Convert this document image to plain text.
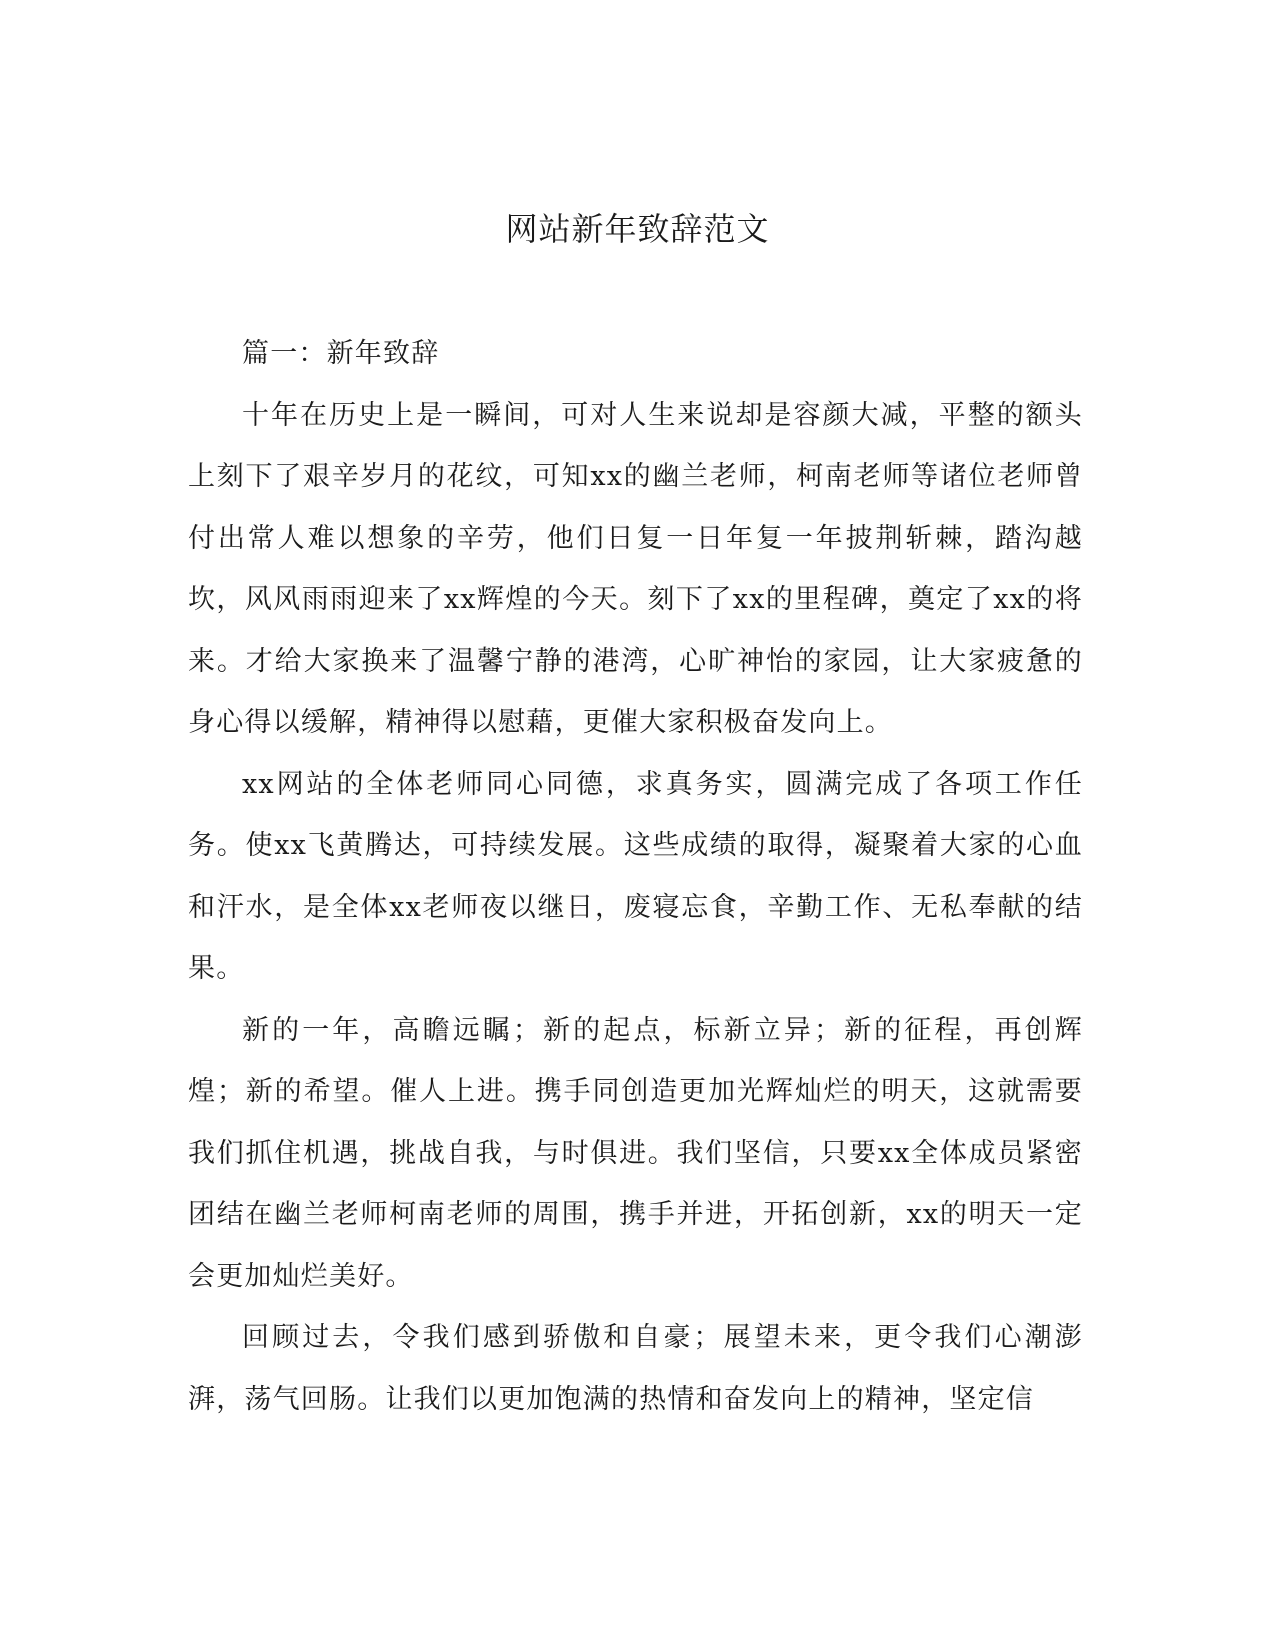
网站新年致辞范文

篇一：新年致辞

十年在历史上是一瞬间，可对人生来说却是容颜大减，平整的额头上刻下了艰辛岁月的花纹，可知xx的幽兰老师，柯南老师等诸位老师曾付出常人难以想象的辛劳，他们日复一日年复一年披荆斩棘，踏沟越坎，风风雨雨迎来了xx辉煌的今天。刻下了xx的里程碑，奠定了xx的将来。才给大家换来了温馨宁静的港湾，心旷神怡的家园，让大家疲惫的身心得以缓解，精神得以慰藉，更催大家积极奋发向上。

xx网站的全体老师同心同德，求真务实，圆满完成了各项工作任务。使xx飞黄腾达，可持续发展。这些成绩的取得，凝聚着大家的心血和汗水，是全体xx老师夜以继日，废寝忘食，辛勤工作、无私奉献的结果。

新的一年，高瞻远瞩；新的起点，标新立异；新的征程，再创辉煌；新的希望。催人上进。携手同创造更加光辉灿烂的明天，这就需要我们抓住机遇，挑战自我，与时俱进。我们坚信，只要xx全体成员紧密团结在幽兰老师柯南老师的周围，携手并进，开拓创新，xx的明天一定会更加灿烂美好。

回顾过去，令我们感到骄傲和自豪；展望未来，更令我们心潮澎湃，荡气回肠。让我们以更加饱满的热情和奋发向上的精神，坚定信
